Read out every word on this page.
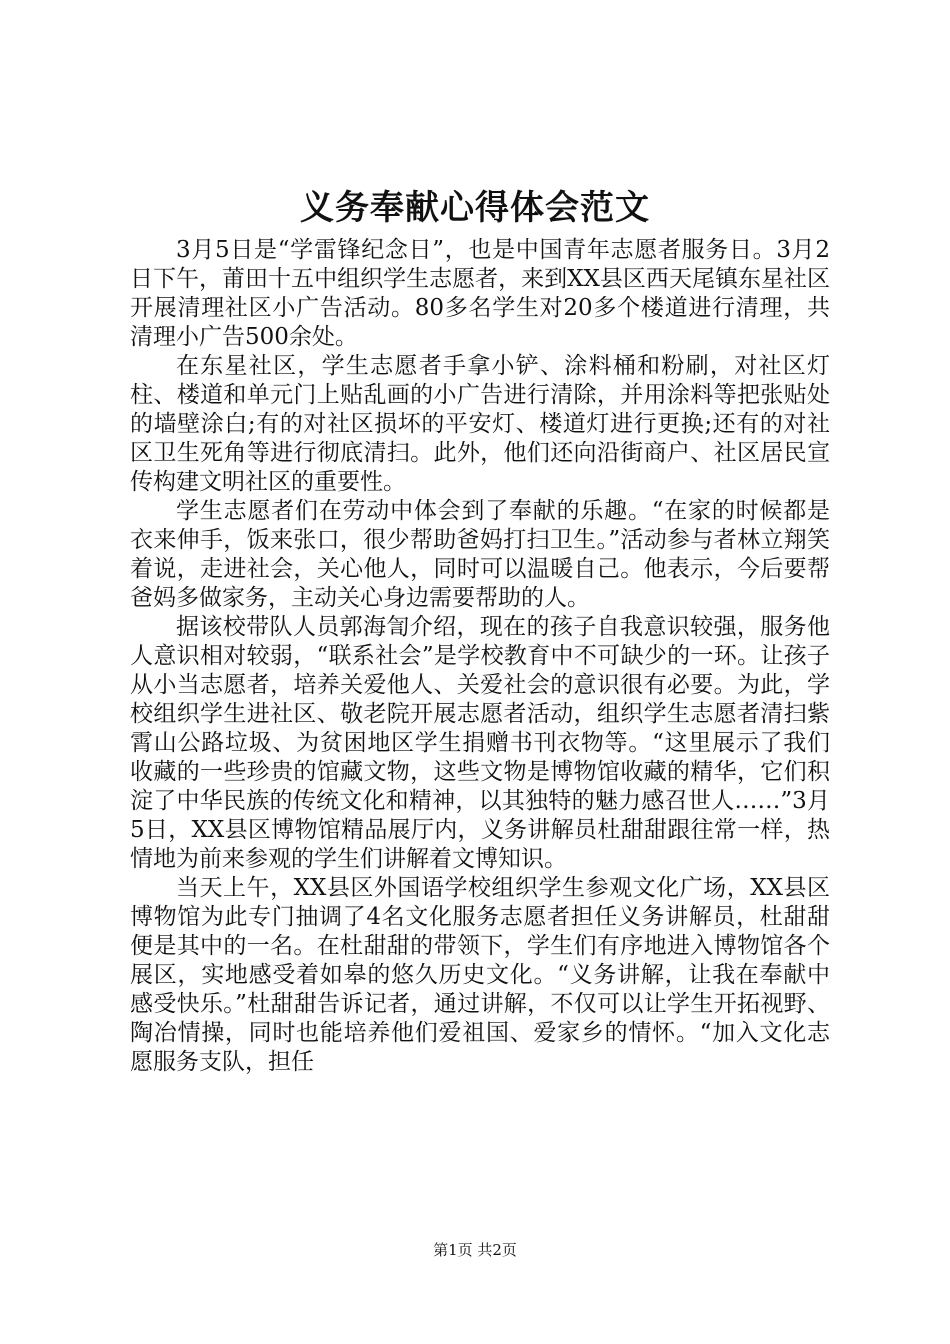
义务奉献心得体会范文

3月5日是“学雷锋纪念日”，也是中国青年志愿者服务日。3月2日下午，莆田十五中组织学生志愿者，来到XX县区西天尾镇东星社区开展清理社区小广告活动。80多名学生对20多个楼道进行清理，共清理小广告500余处。

在东星社区，学生志愿者手拿小铲、涂料桶和粉刷，对社区灯柱、楼道和单元门上贴乱画的小广告进行清除，并用涂料等把张贴处的墙壁涂白;有的对社区损坏的平安灯、楼道灯进行更换;还有的对社区卫生死角等进行彻底清扫。此外，他们还向沿街商户、社区居民宣传构建文明社区的重要性。

学生志愿者们在劳动中体会到了奉献的乐趣。“在家的时候都是衣来伸手，饭来张口，很少帮助爸妈打扫卫生。”活动参与者林立翔笑着说，走进社会，关心他人，同时可以温暖自己。他表示，今后要帮爸妈多做家务，主动关心身边需要帮助的人。

据该校带队人员郭海訇介绍，现在的孩子自我意识较强，服务他人意识相对较弱，“联系社会”是学校教育中不可缺少的一环。让孩子从小当志愿者，培养关爱他人、关爱社会的意识很有必要。为此，学校组织学生进社区、敬老院开展志愿者活动，组织学生志愿者清扫紫霄山公路垃圾、为贫困地区学生捐赠书刊衣物等。“这里展示了我们收藏的一些珍贵的馆藏文物，这些文物是博物馆收藏的精华，它们积淀了中华民族的传统文化和精神，以其独特的魅力感召世人……”3月5日，XX县区博物馆精品展厅内，义务讲解员杜甜甜跟往常一样，热情地为前来参观的学生们讲解着文博知识。

当天上午，XX县区外国语学校组织学生参观文化广场，XX县区博物馆为此专门抽调了4名文化服务志愿者担任义务讲解员，杜甜甜便是其中的一名。在杜甜甜的带领下，学生们有序地进入博物馆各个展区，实地感受着如皋的悠久历史文化。“义务讲解，让我在奉献中感受快乐。”杜甜甜告诉记者，通过讲解，不仅可以让学生开拓视野、陶冶情操，同时也能培养他们爱祖国、爱家乡的情怀。“加入文化志愿服务支队，担任

第1页 共2页
